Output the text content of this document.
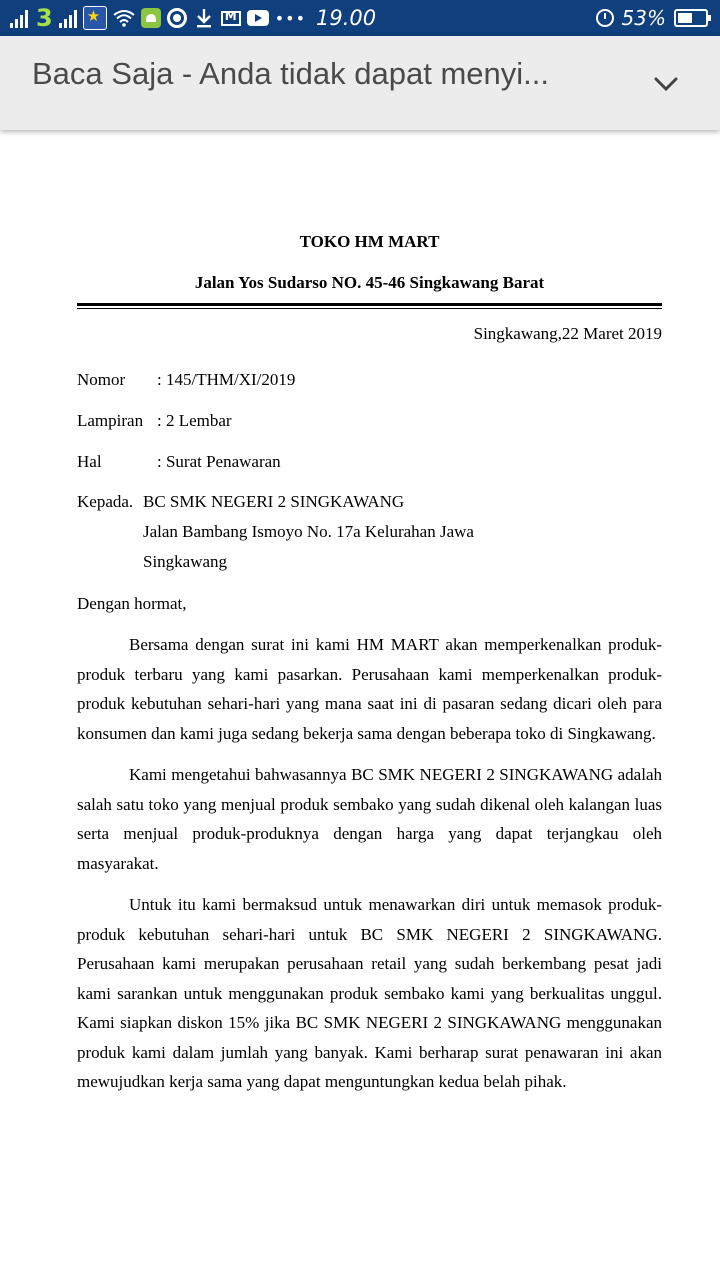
3 ★ M	••• 19.00	53%
Baca Saja - Anda tidak dapat menyi...
TOKO HM MART
Jalan Yos Sudarso NO. 45-46 Singkawang Barat
Singkawang,22 Maret 2019
Nomor	: 145/THM/XI/2019
Lampiran : 2 Lembar
Hal	: Surat Penawaran
Kepada. BC SMK NEGERI 2 SINGKAWANG
Jalan Bambang Ismoyo No. 17a Kelurahan Jawa
Singkawang
Dengan hormat,

Bersama dengan surat ini kami HM MART akan memperkenalkan produk-produk terbaru yang kami pasarkan. Perusahaan kami memperkenalkan produk-produk kebutuhan sehari-hari yang mana saat ini di pasaran sedang dicari oleh para konsumen dan kami juga sedang bekerja sama dengan beberapa toko di Singkawang.

Kami mengetahui bahwasannya BC SMK NEGERI 2 SINGKAWANG adalah salah satu toko yang menjual produk sembako yang sudah dikenal oleh kalangan luas serta menjual produk-produknya dengan harga yang dapat terjangkau oleh masyarakat.

Untuk itu kami bermaksud untuk menawarkan diri untuk memasok produk-produk kebutuhan sehari-hari untuk BC SMK NEGERI 2 SINGKAWANG. Perusahaan kami merupakan perusahaan retail yang sudah berkembang pesat jadi kami sarankan untuk menggunakan produk sembako kami yang berkualitas unggul. Kami siapkan diskon 15% jika BC SMK NEGERI 2 SINGKAWANG menggunakan produk kami dalam jumlah yang banyak. Kami berharap surat penawaran ini akan mewujudkan kerja sama yang dapat menguntungkan kedua belah pihak.
